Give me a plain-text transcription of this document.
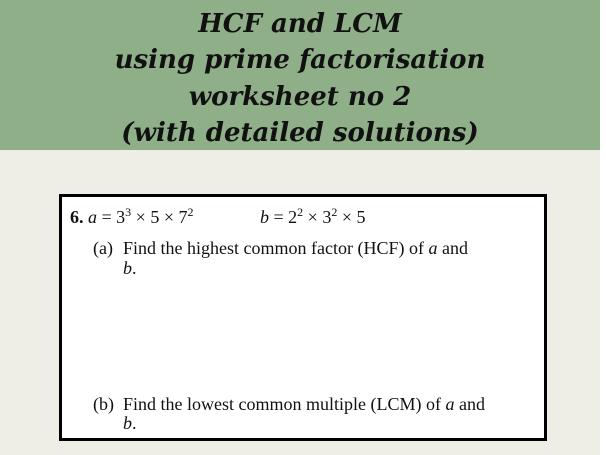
HCF and LCM
using prime factorisation
worksheet no 2
(with detailed solutions)
6. $a = 3^3 \times 5 \times 7^2$	$b = 2^2 \times 3^2 \times 5$
(a) Find the highest common factor (HCF) of a and
b.
(b) Find the lowest common multiple (LCM) of a and
b.
